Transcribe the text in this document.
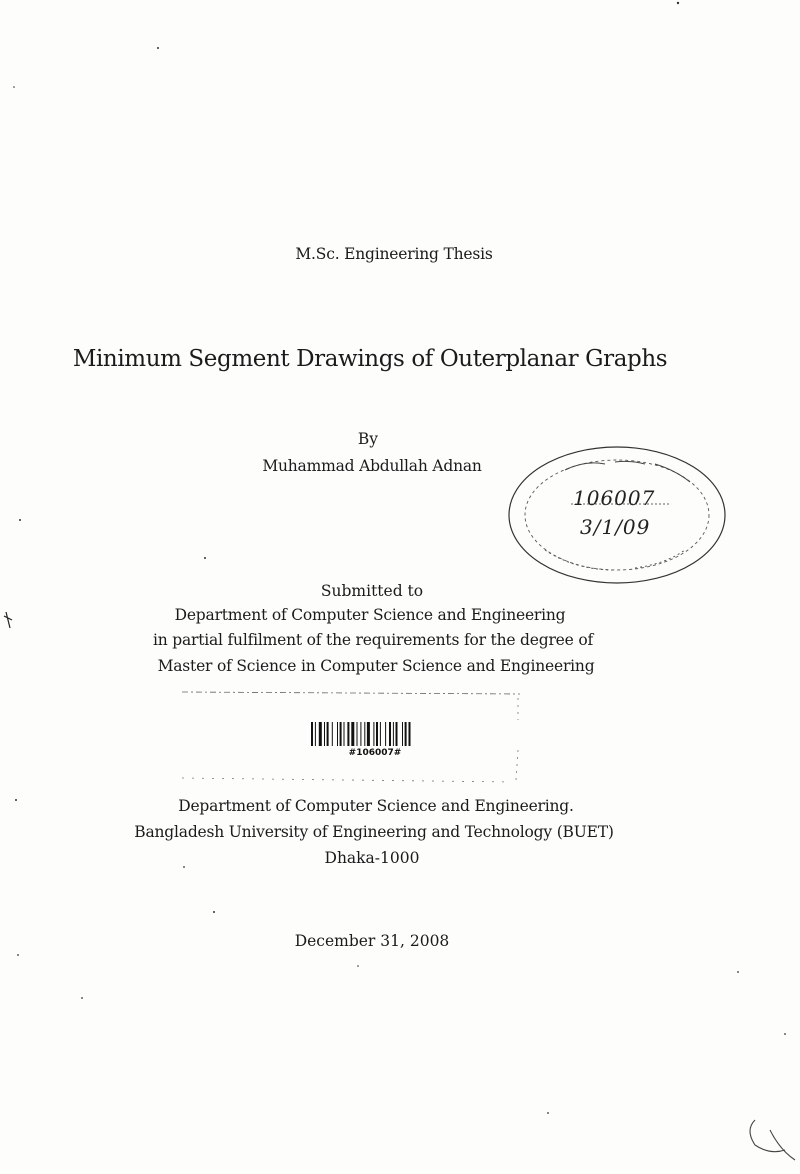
M.Sc. Engineering Thesis
Minimum Segment Drawings of Outerplanar Graphs
By
Muhammad Abdullah Adnan
106007
3/1/09
Submitted to
Department of Computer Science and Engineering
in partial fulfilment of the requirements for the degree of
Master of Science in Computer Science and Engineering
#106007#
Department of Computer Science and Engineering.
Bangladesh University of Engineering and Technology (BUET)
Dhaka-1000
December 31, 2008
